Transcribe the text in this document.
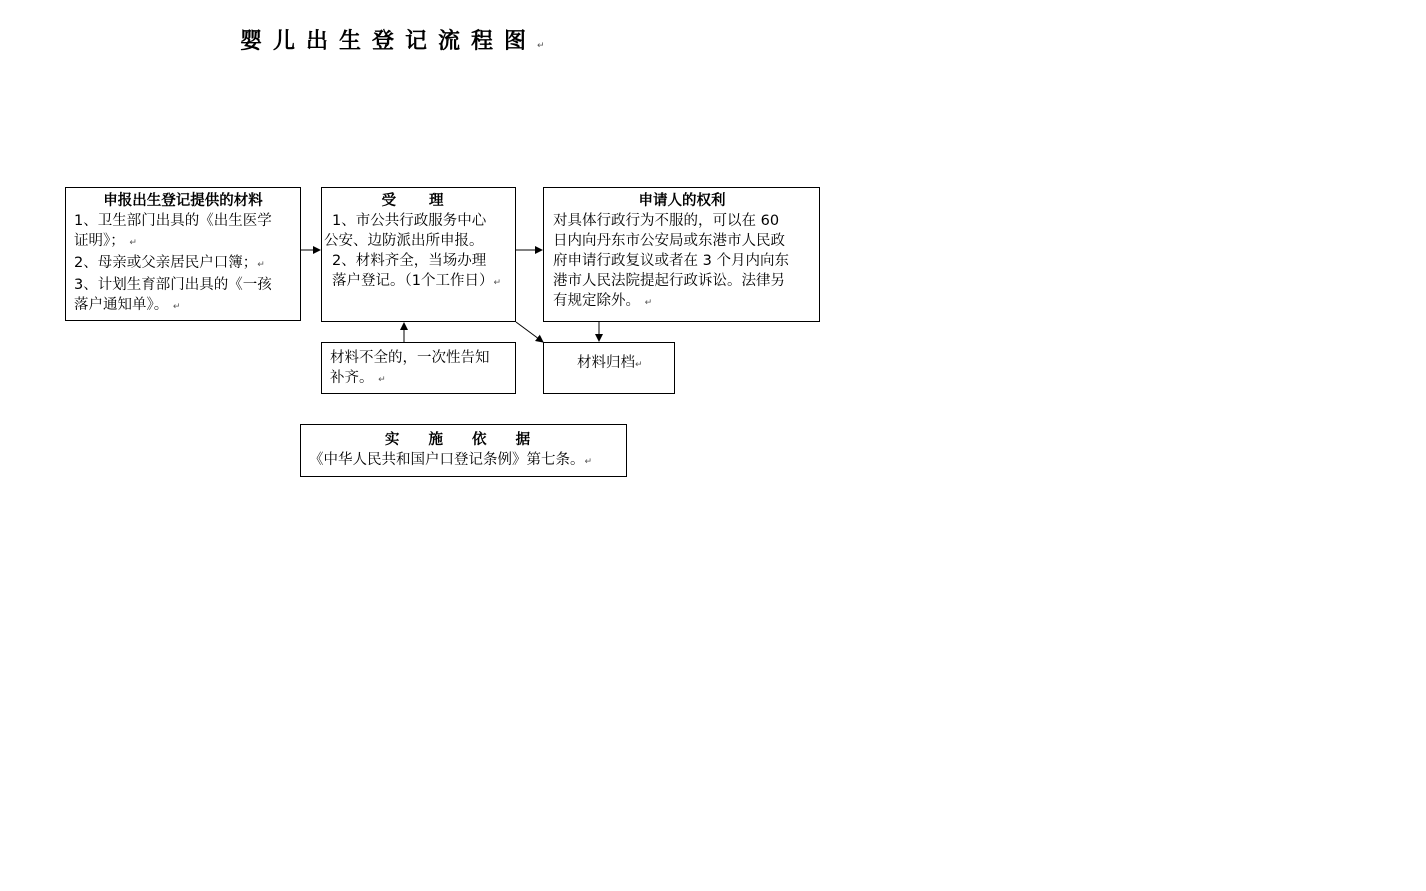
婴儿出生登记流程图↵
申报出生登记提供的材料
1、卫生部门出具的《出生医学
证明》； ↵
2、母亲或父亲居民户口簿；↵
3、计划生育部门出具的《一孩
落户通知单》。 ↵
受 理
1、市公共行政服务中心
公安、边防派出所申报。
2、材料齐全，当场办理
落户登记。（1个工作日）↵
申请人的权利
对具体行政行为不服的，可以在 60
日内向丹东市公安局或东港市人民政
府申请行政复议或者在 3 个月内向东
港市人民法院提起行政诉讼。法律另
有规定除外。 ↵
材料不全的，一次性告知
补齐。 ↵
材料归档↵
实 施 依 据
《中华人民共和国户口登记条例》第七条。↵
